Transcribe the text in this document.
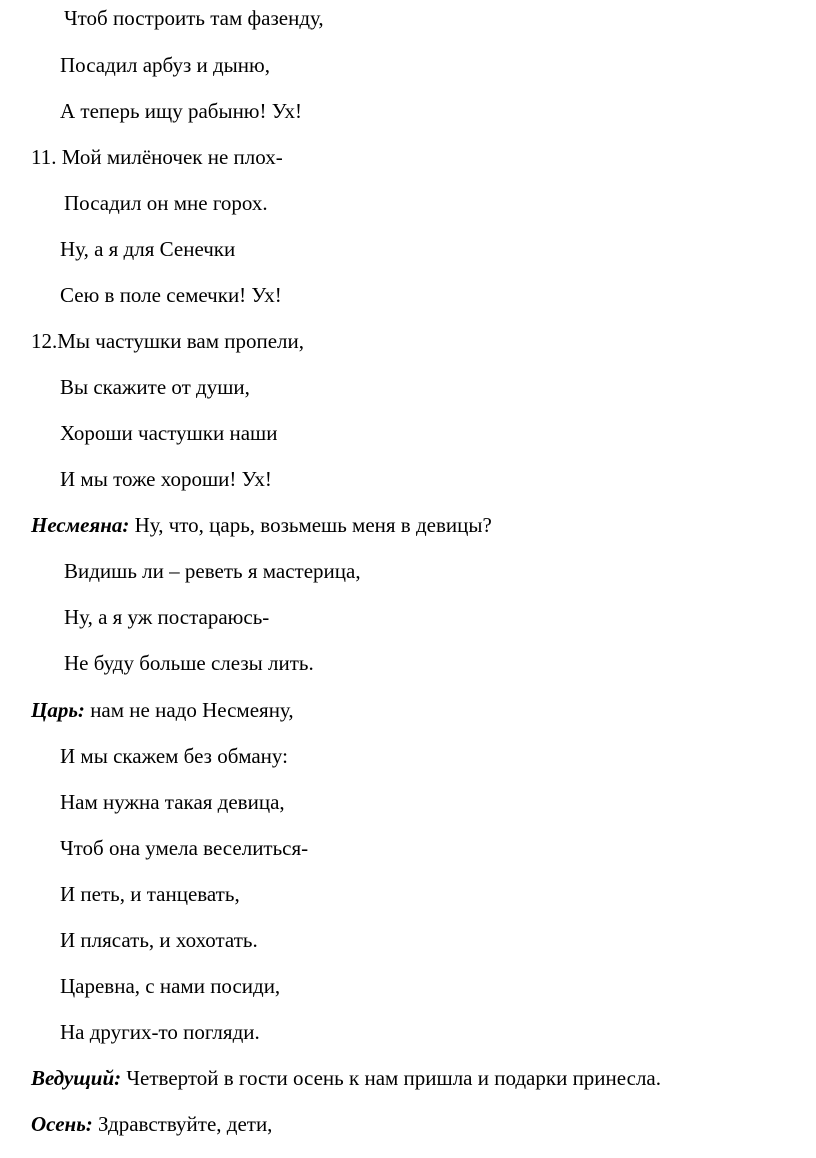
Чтоб построить там фазенду,
Посадил арбуз и дыню,
А теперь ищу рабыню! Ух!
11. Мой милёночек не плох-
Посадил он мне горох.
Ну, а я для Сенечки
Сею в поле семечки! Ух!
12.Мы частушки вам пропели,
Вы скажите от души,
Хороши частушки наши
И мы тоже хороши! Ух!
Несмеяна: Ну, что, царь, возьмешь меня в девицы?
Видишь ли – реветь я мастерица,
Ну, а я уж постараюсь-
Не буду больше слезы лить.
Царь: нам не надо Несмеяну,
И мы скажем без обману:
Нам нужна такая девица,
Чтоб она умела веселиться-
И петь, и танцевать,
И плясать, и хохотать.
Царевна, с нами посиди,
На других-то погляди.
Ведущий: Четвертой в гости осень к нам пришла и подарки принесла.
Осень: Здравствуйте, дети,
